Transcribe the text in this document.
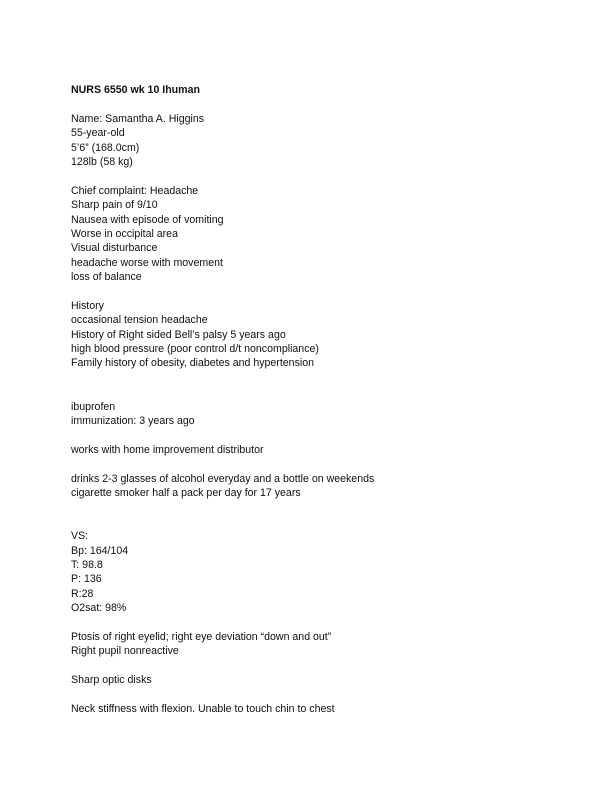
NURS 6550 wk 10 Ihuman
Name: Samantha A. Higgins
55-year-old
5’6” (168.0cm)
128lb (58 kg)
Chief complaint: Headache
Sharp pain of 9/10
Nausea with episode of vomiting
Worse in occipital area
Visual disturbance
headache worse with movement
loss of balance
History
occasional tension headache
History of Right sided Bell’s palsy 5 years ago
high blood pressure (poor control d/t noncompliance)
Family history of obesity, diabetes and hypertension
ibuprofen
immunization: 3 years ago
works with home improvement distributor
drinks 2-3 glasses of alcohol everyday and a bottle on weekends
cigarette smoker half a pack per day for 17 years
VS:
Bp: 164/104
T: 98.8
P: 136
R:28
O2sat: 98%
Ptosis of right eyelid; right eye deviation “down and out”
Right pupil nonreactive
Sharp optic disks
Neck stiffness with flexion. Unable to touch chin to chest
